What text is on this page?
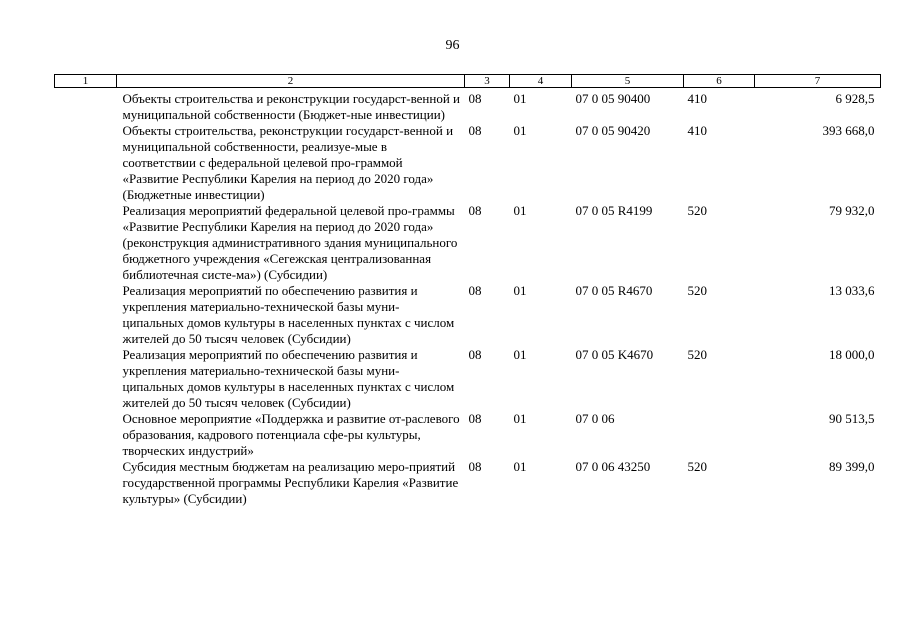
96
1	2	3	4	5	6	7
	Объекты строительства и реконструкции государст-венной и муниципальной собственности (Бюджет-ные инвестиции)	08	01	07 0 05 90400	410	6 928,5
	Объекты строительства, реконструкции государст-венной и муниципальной собственности, реализуе-мые в соответствии с федеральной целевой про-граммой «Развитие Республики Карелия на период до 2020 года» (Бюджетные инвестиции)	08	01	07 0 05 90420	410	393 668,0
	Реализация мероприятий федеральной целевой про-граммы «Развитие Республики Карелия на период до 2020 года» (реконструкция административного здания муниципального бюджетного учреждения «Сегежская централизованная библиотечная систе-ма») (Субсидии)	08	01	07 0 05 R4199	520	79 932,0
	Реализация мероприятий по обеспечению развития и укрепления материально-технической базы муни-ципальных домов культуры в населенных пунктах с числом жителей до 50 тысяч человек (Субсидии)	08	01	07 0 05 R4670	520	13 033,6
	Реализация мероприятий по обеспечению развития и укрепления материально-технической базы муни-ципальных домов культуры в населенных пунктах с числом жителей до 50 тысяч человек (Субсидии)	08	01	07 0 05 K4670	520	18 000,0
	Основное мероприятие «Поддержка и развитие от-раслевого образования, кадрового потенциала сфе-ры культуры, творческих индустрий»	08	01	07 0 06		90 513,5
	Субсидия местным бюджетам на реализацию меро-приятий государственной программы Республики Карелия «Развитие культуры» (Субсидии)	08	01	07 0 06 43250	520	89 399,0
